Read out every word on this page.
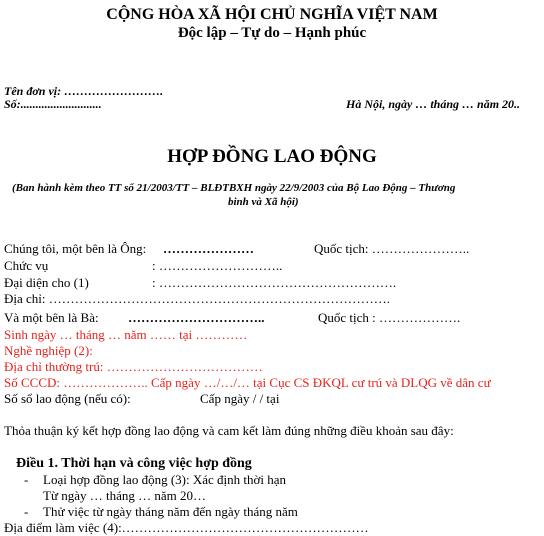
CỘNG HÒA XÃ HỘI CHỦ NGHĨA VIỆT NAM
Độc lập – Tự do – Hạnh phúc
Tên đơn vị: …………………….
Số:...........................	Hà Nội, ngày … tháng … năm 20..
HỢP ĐỒNG LAO ĐỘNG
(Ban hành kèm theo TT số 21/2003/TT – BLĐTBXH ngày 22/9/2003 của Bộ Lao Động – Thương
binh và Xã hội)
Chúng tôi, một bên là Ông: …………………	Quốc tịch: …………………..
Chức vụ	: ………………………..
Đại diện cho (1)	: ……………………………………………….
Địa chỉ: …………………………………………………………………….
Và một bên là Bà: …………………………..	Quốc tịch : ……………….
Sinh ngày … tháng … năm …… tại …………
Nghề nghiệp (2):
Địa chỉ thường trú: ………………………………
Số CCCD: ……………….. Cấp ngày …/…/… tại Cục CS ĐKQL cư trú và DLQG về dân cư
Số sổ lao động (nếu có):	Cấp ngày / / tại
Thỏa thuận ký kết hợp đồng lao động và cam kết làm đúng những điều khoản sau đây:
Điều 1. Thời hạn và công việc hợp đồng
- Loại hợp đồng lao động (3): Xác định thời hạn
Từ ngày … tháng … năm 20…
- Thử việc từ ngày tháng năm đến ngày tháng năm
Địa điểm làm việc (4):…………………………………………………
